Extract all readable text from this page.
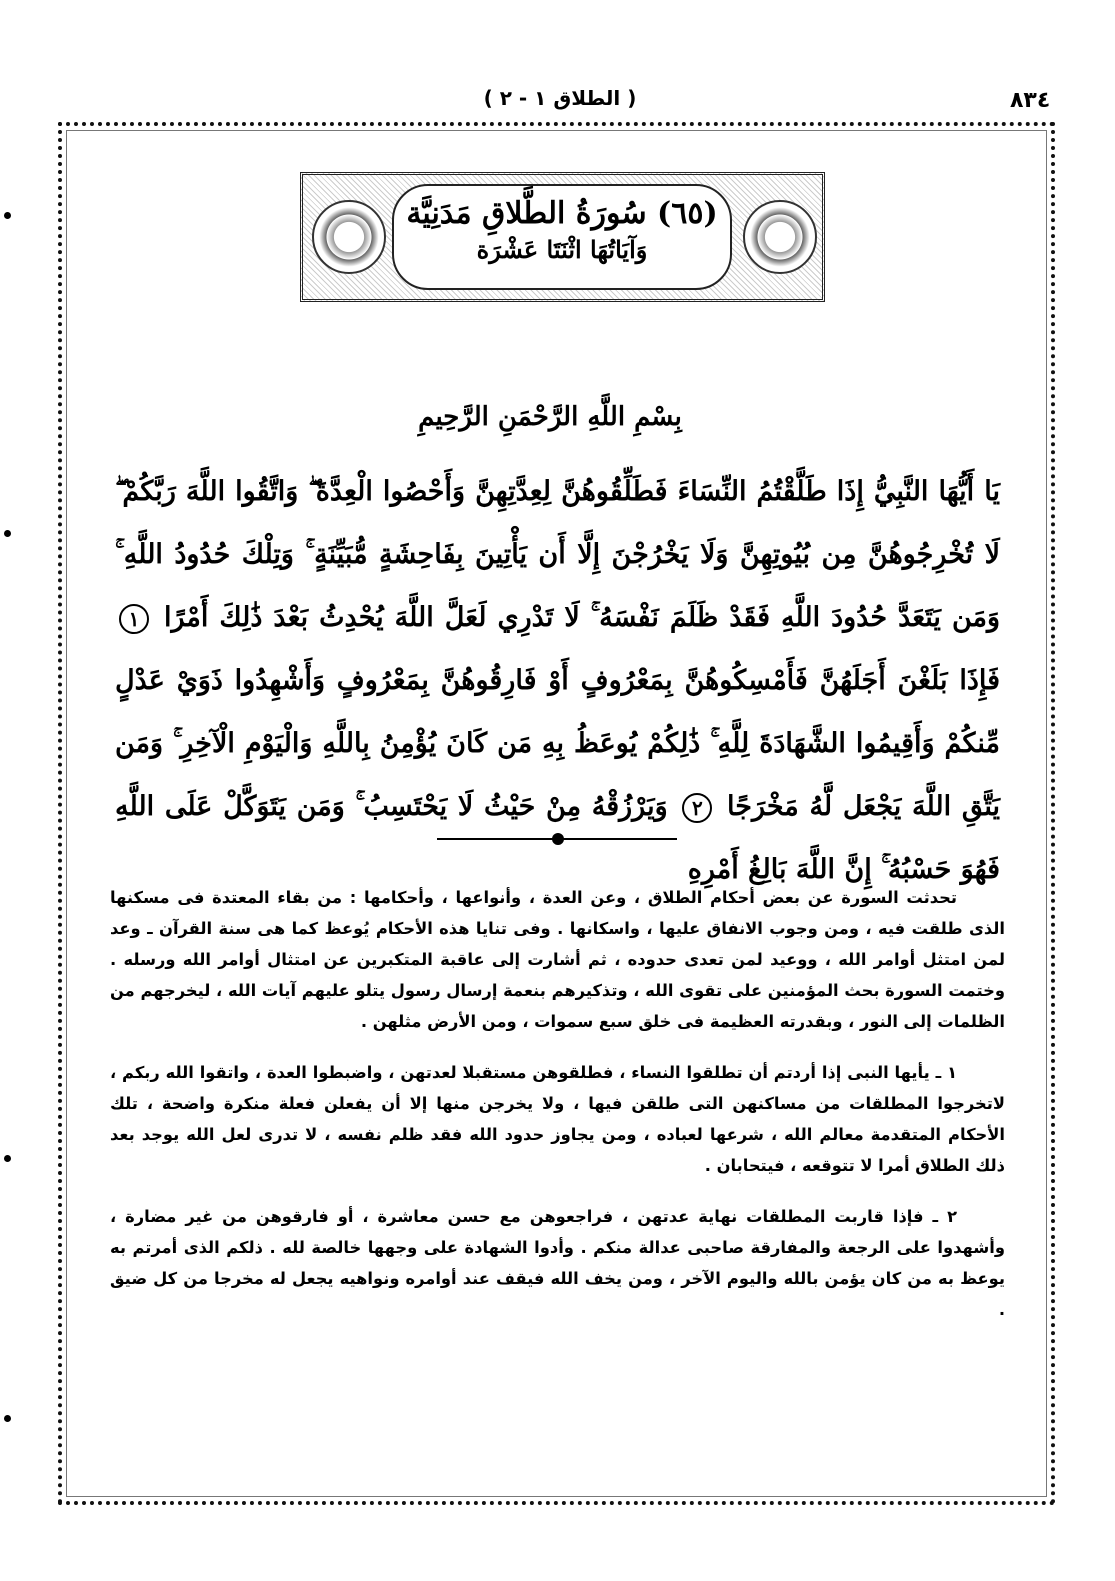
٨٣٤
( الطلاق ١ - ٢ )
(٦٥) سُورَةُ الطَّلاقِ مَدَنِيَّة
وَآيَاتُهَا اثْنَتَا عَشْرَة
بِسْمِ اللَّهِ الرَّحْمَنِ الرَّحِيمِ
يَا أَيُّهَا النَّبِيُّ إِذَا طَلَّقْتُمُ النِّسَاءَ فَطَلِّقُوهُنَّ لِعِدَّتِهِنَّ وَأَحْصُوا الْعِدَّةَ ۖ وَاتَّقُوا اللَّهَ رَبَّكُمْ ۖ لَا تُخْرِجُوهُنَّ مِن بُيُوتِهِنَّ وَلَا يَخْرُجْنَ إِلَّا أَن يَأْتِينَ بِفَاحِشَةٍ مُّبَيِّنَةٍ ۚ وَتِلْكَ حُدُودُ اللَّهِ ۚ وَمَن يَتَعَدَّ حُدُودَ اللَّهِ فَقَدْ ظَلَمَ نَفْسَهُ ۚ لَا تَدْرِي لَعَلَّ اللَّهَ يُحْدِثُ بَعْدَ ذَٰلِكَ أَمْرًا ١ فَإِذَا بَلَغْنَ أَجَلَهُنَّ فَأَمْسِكُوهُنَّ بِمَعْرُوفٍ أَوْ فَارِقُوهُنَّ بِمَعْرُوفٍ وَأَشْهِدُوا ذَوَيْ عَدْلٍ مِّنكُمْ وَأَقِيمُوا الشَّهَادَةَ لِلَّهِ ۚ ذَٰلِكُمْ يُوعَظُ بِهِ مَن كَانَ يُؤْمِنُ بِاللَّهِ وَالْيَوْمِ الْآخِرِ ۚ وَمَن يَتَّقِ اللَّهَ يَجْعَل لَّهُ مَخْرَجًا ٢ وَيَرْزُقْهُ مِنْ حَيْثُ لَا يَحْتَسِبُ ۚ وَمَن يَتَوَكَّلْ عَلَى اللَّهِ فَهُوَ حَسْبُهُ ۚ إِنَّ اللَّهَ بَالِغُ أَمْرِهِ

تحدثت السورة عن بعض أحكام الطلاق ، وعن العدة ، وأنواعها ، وأحكامها : من بقاء المعتدة فى مسكنها الذى طلقت فيه ، ومن وجوب الانفاق عليها ، واسكانها . وفى تنايا هذه الأحكام يُوعظ كما هى سنة القرآن ـ وعد لمن امتثل أوامر الله ، ووعيد لمن تعدى حدوده ، ثم أشارت إلى عاقبة المتكبرين عن امتثال أوامر الله ورسله . وختمت السورة بحث المؤمنين على تقوى الله ، وتذكيرهم بنعمة إرسال رسول يتلو عليهم آيات الله ، ليخرجهم من الظلمات إلى النور ، وبقدرته العظيمة فى خلق سبع سموات ، ومن الأرض مثلهن .

١ ـ يأيها النبى إذا أردتم أن تطلقوا النساء ، فطلقوهن مستقبلا لعدتهن ، واضبطوا العدة ، واتقوا الله ربكم ، لاتخرجوا المطلقات من مساكنهن التى طلقن فيها ، ولا يخرجن منها إلا أن يفعلن فعلة منكرة واضحة ، تلك الأحكام المتقدمة معالم الله ، شرعها لعباده ، ومن يجاوز حدود الله فقد ظلم نفسه ، لا تدرى لعل الله يوجد بعد ذلك الطلاق أمرا لا تتوقعه ، فيتحابان .

٢ ـ فإذا قاربت المطلقات نهاية عدتهن ، فراجعوهن مع حسن معاشرة ، أو فارقوهن من غير مضارة ، وأشهدوا على الرجعة والمفارقة صاحبى عدالة منكم . وأدوا الشهادة على وجهها خالصة لله . ذلكم الذى أمرتم به يوعظ به من كان يؤمن بالله واليوم الآخر ، ومن يخف الله فيقف عند أوامره ونواهيه يجعل له مخرجا من كل ضيق .
